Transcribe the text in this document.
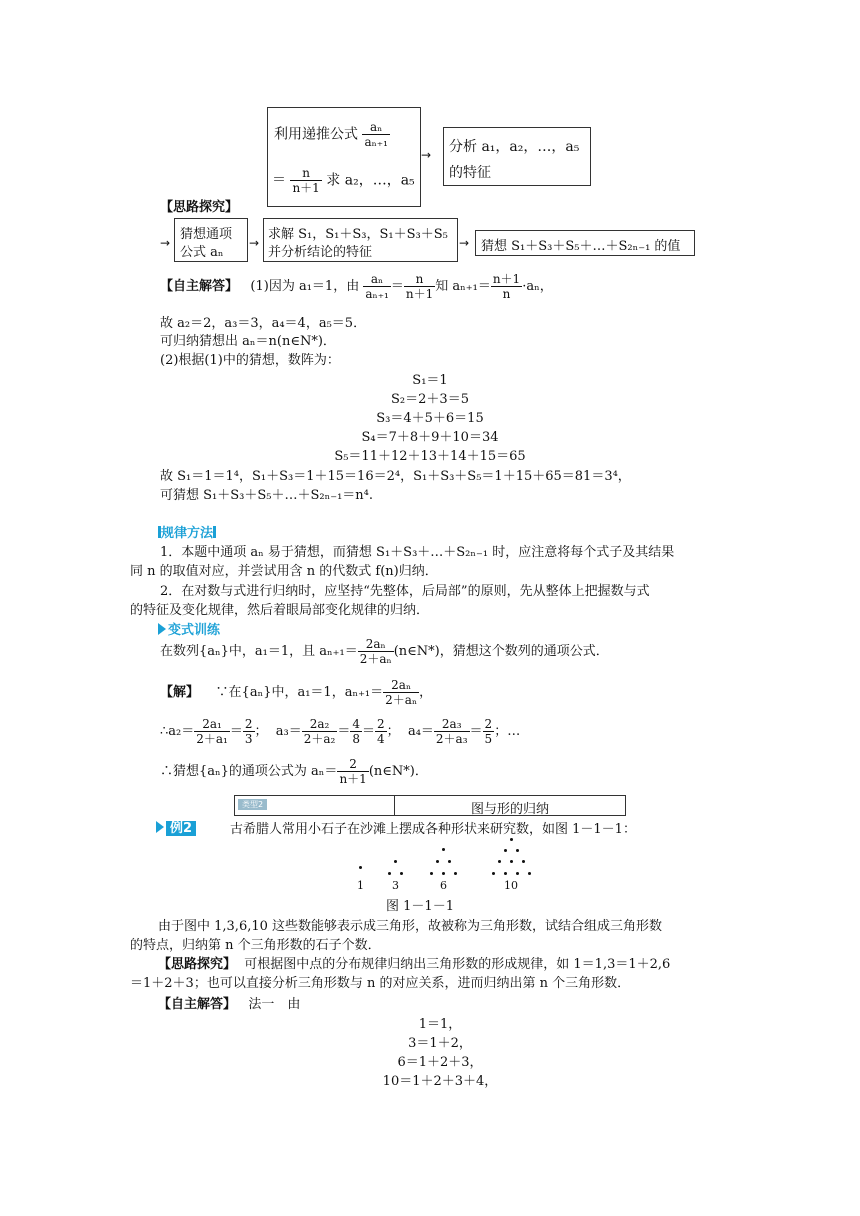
利用递推公式 $\frac{\text{aₙ}}{\text{aₙ₊₁}}$
＝ $\frac{n}{n+1}$ 求 a₂，…，a₅
→ 分析 a₁，a₂，…，a₅
的特征
【思路探究】
→
猜想通项
公式 aₙ
→
求解 S₁，S₁＋S₃，S₁＋S₃＋S₅
并分析结论的特征
→ 猜想 S₁＋S₃＋S₅＋…＋S₂ₙ₋₁ 的值
【自主解答】 (1)因为 a₁＝1，由 $\frac{\text{aₙ}}{\text{aₙ₊₁}} = \frac{n}{n+1}$ 知 $a_{n+1}= \frac{n+1}{n} \cdot a_n$，
故 a₂＝2，a₃＝3，a₄＝4，a₅＝5．
可归纳猜想出 aₙ＝n(n∈N*)．
(2)根据(1)中的猜想，数阵为：
S₁＝1
S₂＝2＋3＝5
S₃＝4＋5＋6＝15
S₄＝7＋8＋9＋10＝34
S₅＝11＋12＋13＋14＋15＝65
故 S₁＝1＝1⁴，S₁＋S₃＝1＋15＝16＝2⁴，S₁＋S₃＋S₅＝1＋15＋65＝81＝3⁴，
可猜想 S₁＋S₃＋S₅＋…＋S₂ₙ₋₁＝n⁴.
规律方法
1．本题中通项 aₙ 易于猜想，而猜想 S₁＋S₃＋…＋S₂ₙ₋₁ 时，应注意将每个式子及其结果
同 n 的取值对应，并尝试用含 n 的代数式 f(n)归纳．
2．在对数与式进行归纳时，应坚持“先整体，后局部”的原则，先从整体上把握数与式
的特征及变化规律，然后着眼局部变化规律的归纳．
变式训练
在数列{aₙ}中，a₁＝1，且 $a_{n+1}= \frac{\text{2aₙ}}{\text{2＋aₙ}}$ (n∈N*)，猜想这个数列的通项公式．
【解】 ∵在{aₙ}中，a₁＝1，$a_{n+1}= \frac{\text{2aₙ}}{\text{2＋aₙ}}$ ，
∴a₂＝ $\frac{\text{2a₁}}{\text{2＋a₁}} = \frac{2}{3}$ ； $a_3= \frac{\text{2a₂}}{\text{2＋a₂}} = \frac{4}{8} = \frac{2}{4}$ ； $a_4= \frac{\text{2a₃}}{\text{2＋a₃}} = \frac{2}{5}$ ；…
∴猜想{aₙ}的通项公式为 $a_n= \frac{2}{n+1}$ (n∈N*)．
类型2	图与形的归纳
例2	古希腊人常用小石子在沙滩上摆成各种形状来研究数，如图 1－1－1：
1	3	6	10
图 1－1－1
由于图中 1,3,6,10 这些数能够表示成三角形，故被称为三角形数，试结合组成三角形数
的特点，归纳第 n 个三角形数的石子个数．
【思路探究】 可根据图中点的分布规律归纳出三角形数的形成规律，如 1＝1,3＝1＋2,6
＝1＋2＋3；也可以直接分析三角形数与 n 的对应关系，进而归纳出第 n 个三角形数．
【自主解答】 法一　由
1＝1，
3＝1＋2，
6＝1＋2＋3，
10＝1＋2＋3＋4，
